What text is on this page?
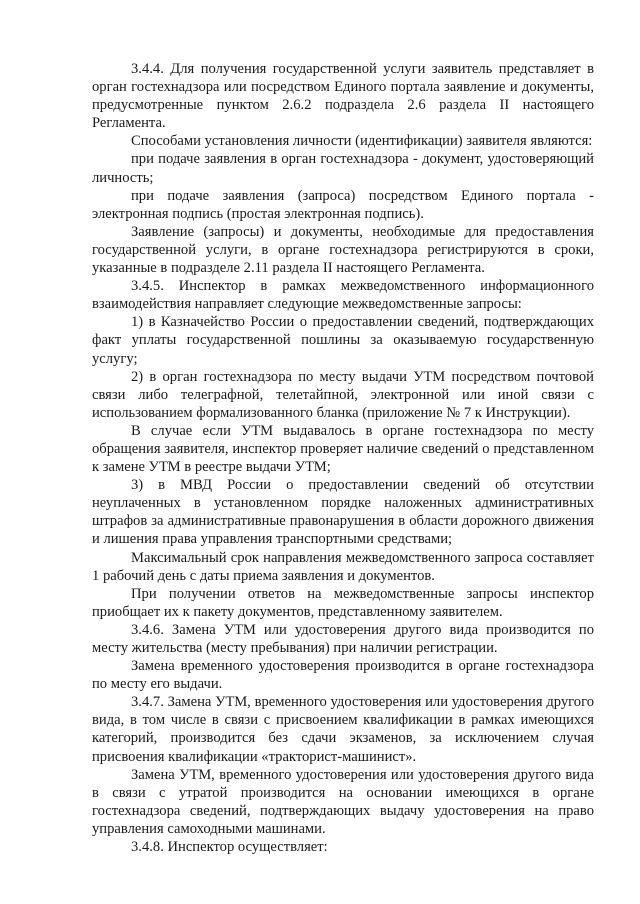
3.4.4. Для получения государственной услуги заявитель представляет в орган гостехнадзора или посредством Единого портала заявление и документы, предусмотренные пунктом 2.6.2 подраздела 2.6 раздела II настоящего Регламента.

Способами установления личности (идентификации) заявителя являются:

при подаче заявления в орган гостехнадзора - документ, удостоверяющий личность;

при подаче заявления (запроса) посредством Единого портала - электронная подпись (простая электронная подпись).

Заявление (запросы) и документы, необходимые для предоставления государственной услуги, в органе гостехнадзора регистрируются в сроки, указанные в подразделе 2.11 раздела II настоящего Регламента.

3.4.5. Инспектор в рамках межведомственного информационного взаимодействия направляет следующие межведомственные запросы:

1) в Казначейство России о предоставлении сведений, подтверждающих факт уплаты государственной пошлины за оказываемую государственную услугу;

2) в орган гостехнадзора по месту выдачи УТМ посредством почтовой связи либо телеграфной, телетайпной, электронной или иной связи с использованием формализованного бланка (приложение № 7 к Инструкции).

В случае если УТМ выдавалось в органе гостехнадзора по месту обращения заявителя, инспектор проверяет наличие сведений о представленном к замене УТМ в реестре выдачи УТМ;

3) в МВД России о предоставлении сведений об отсутствии неуплаченных в установленном порядке наложенных административных штрафов за административные правонарушения в области дорожного движения и лишения права управления транспортными средствами;

Максимальный срок направления межведомственного запроса составляет 1 рабочий день с даты приема заявления и документов.

При получении ответов на межведомственные запросы инспектор приобщает их к пакету документов, представленному заявителем.

3.4.6. Замена УТМ или удостоверения другого вида производится по месту жительства (месту пребывания) при наличии регистрации.

Замена временного удостоверения производится в органе гостехнадзора по месту его выдачи.

3.4.7. Замена УТМ, временного удостоверения или удостоверения другого вида, в том числе в связи с присвоением квалификации в рамках имеющихся категорий, производится без сдачи экзаменов, за исключением случая присвоения квалификации «тракторист-машинист».

Замена УТМ, временного удостоверения или удостоверения другого вида в связи с утратой производится на основании имеющихся в органе гостехнадзора сведений, подтверждающих выдачу удостоверения на право управления самоходными машинами.

3.4.8. Инспектор осуществляет:
